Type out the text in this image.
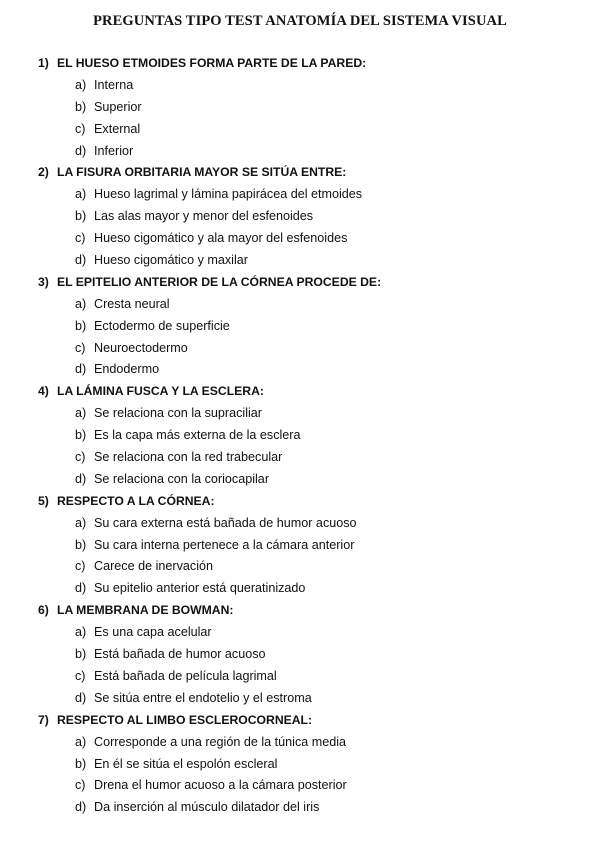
PREGUNTAS TIPO TEST ANATOMÍA DEL SISTEMA VISUAL
1) EL HUESO ETMOIDES FORMA PARTE DE LA PARED:
a) Interna
b) Superior
c) External
d) Inferior
2) LA FISURA ORBITARIA MAYOR SE SITÚA ENTRE:
a) Hueso lagrimal y lámina papirácea del etmoides
b) Las alas mayor y menor del esfenoides
c) Hueso cigomático y ala mayor del esfenoides
d) Hueso cigomático y maxilar
3) EL EPITELIO ANTERIOR DE LA CÓRNEA PROCEDE DE:
a) Cresta neural
b) Ectodermo de superficie
c) Neuroectodermo
d) Endodermo
4) LA LÁMINA FUSCA Y LA ESCLERA:
a) Se relaciona con la supraciliar
b) Es la capa más externa de la esclera
c) Se relaciona con la red trabecular
d) Se relaciona con la coriocapilar
5) RESPECTO A LA CÓRNEA:
a) Su cara externa está bañada de humor acuoso
b) Su cara interna pertenece a la cámara anterior
c) Carece de inervación
d) Su epitelio anterior está queratinizado
6) LA MEMBRANA DE BOWMAN:
a) Es una capa acelular
b) Está bañada de humor acuoso
c) Está bañada de película lagrimal
d) Se sitúa entre el endotelio y el estroma
7) RESPECTO AL LIMBO ESCLEROCORNEAL:
a) Corresponde a una región de la túnica media
b) En él se sitúa el espolón escleral
c) Drena el humor acuoso a la cámara posterior
d) Da inserción al músculo dilatador del iris
